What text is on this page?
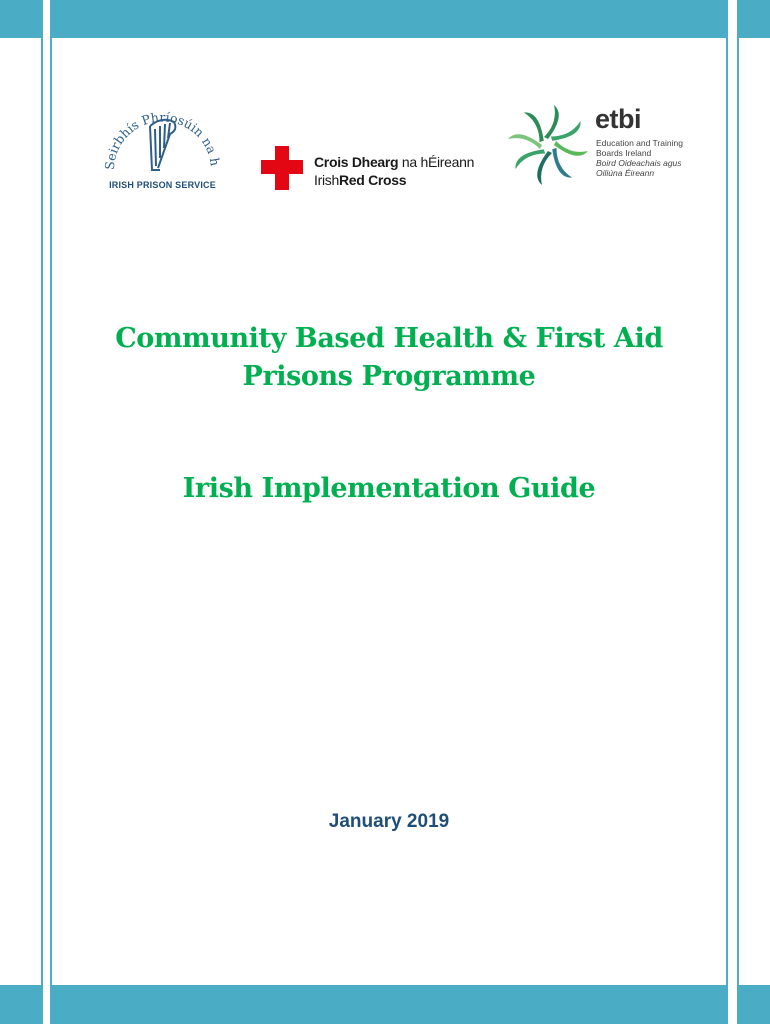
Seirbhís Phríosúin na h
IRISH PRISON SERVICE
Crois Dhearg na hÉireann
IrishRed Cross
etbi
Education and Training Boards Ireland
Boird Oideachais agus Oiliúna Éireann
Community Based Health & First Aid
Prisons Programme
Irish Implementation Guide
January 2019
